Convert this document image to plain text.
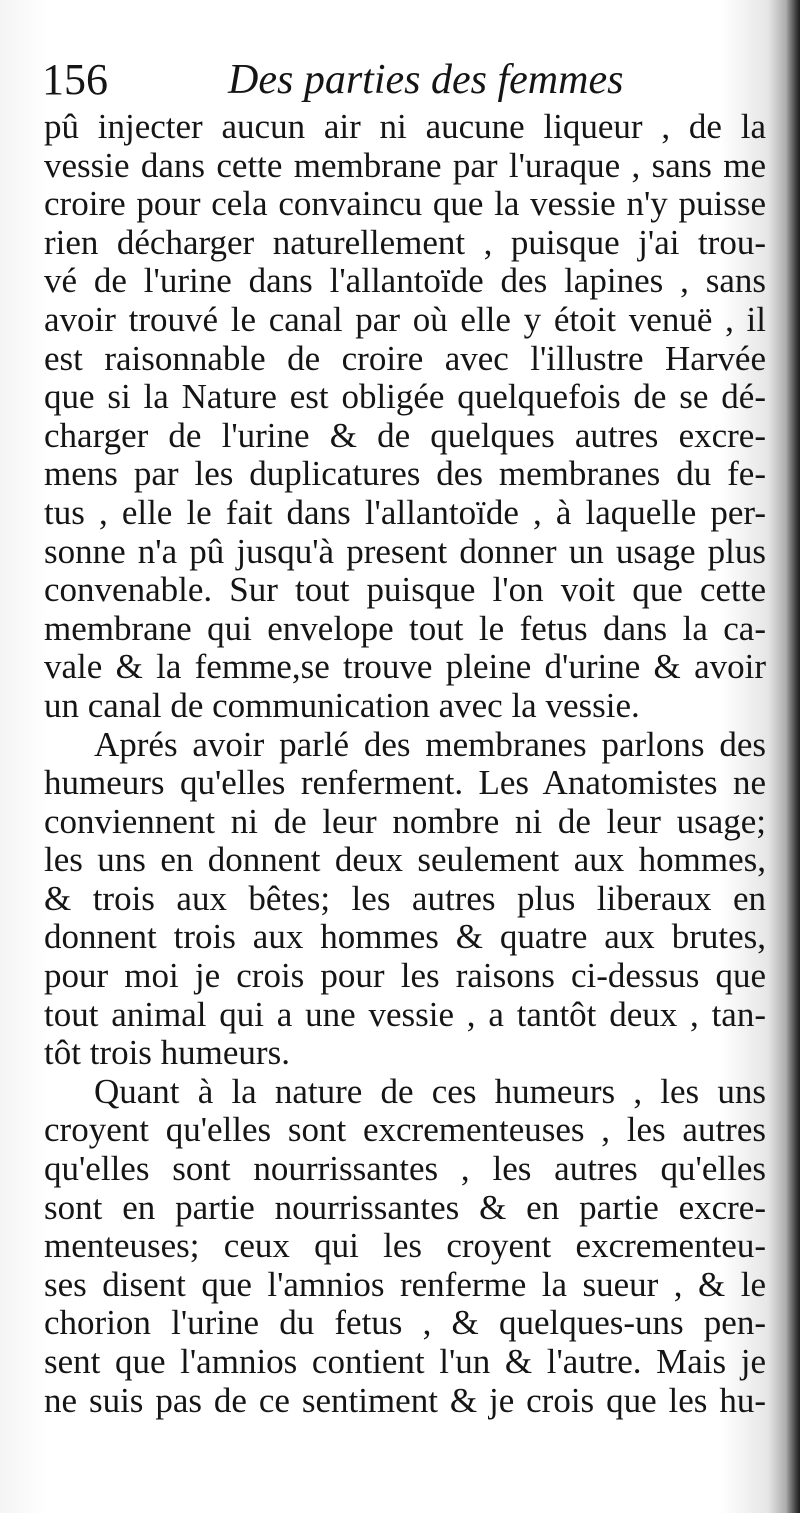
156	Des parties des femmes
pû injecter aucun air ni aucune liqueur , de la
vessie dans cette membrane par l'uraque , sans me
croire pour cela convaincu que la vessie n'y puisse
rien décharger naturellement , puisque j'ai trou-
vé de l'urine dans l'allantoïde des lapines , sans
avoir trouvé le canal par où elle y étoit venuë , il
est raisonnable de croire avec l'illustre Harvée
que si la Nature est obligée quelquefois de se dé-
charger de l'urine & de quelques autres excre-
mens par les duplicatures des membranes du fe-
tus , elle le fait dans l'allantoïde , à laquelle per-
sonne n'a pû jusqu'à present donner un usage plus
convenable. Sur tout puisque l'on voit que cette
membrane qui envelope tout le fetus dans la ca-
vale & la femme,se trouve pleine d'urine & avoir
un canal de communication avec la vessie.
Aprés avoir parlé des membranes parlons des
humeurs qu'elles renferment. Les Anatomistes ne
conviennent ni de leur nombre ni de leur usage;
les uns en donnent deux seulement aux hommes,
& trois aux bêtes; les autres plus liberaux en
donnent trois aux hommes & quatre aux brutes,
pour moi je crois pour les raisons ci-dessus que
tout animal qui a une vessie , a tantôt deux , tan-
tôt trois humeurs.
Quant à la nature de ces humeurs , les uns
croyent qu'elles sont excrementeuses , les autres
qu'elles sont nourrissantes , les autres qu'elles
sont en partie nourrissantes & en partie excre-
menteuses; ceux qui les croyent excrementeu-
ses disent que l'amnios renferme la sueur , & le
chorion l'urine du fetus , & quelques-uns pen-
sent que l'amnios contient l'un & l'autre. Mais je
ne suis pas de ce sentiment & je crois que les hu-
